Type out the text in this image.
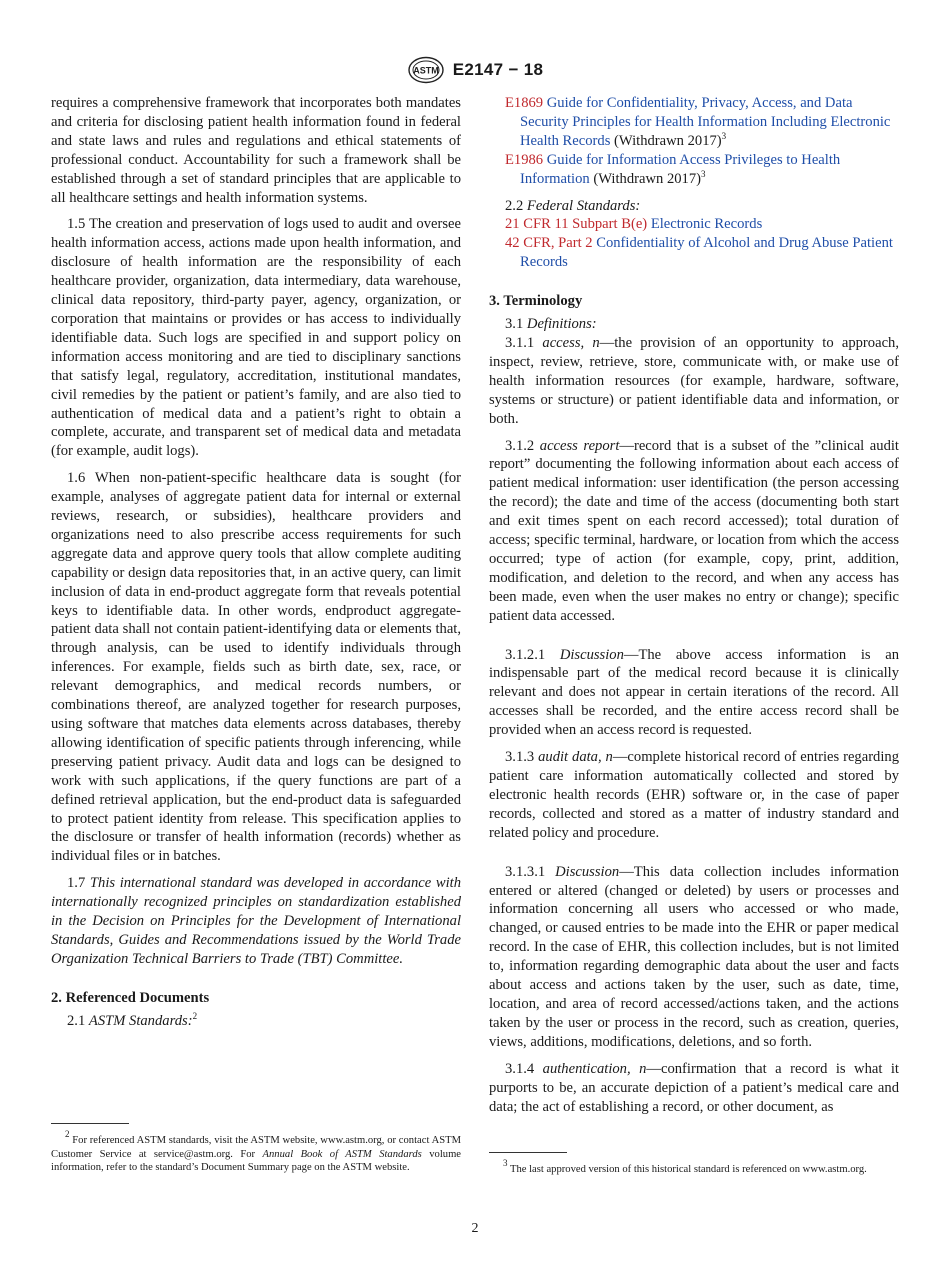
ASTM E2147 − 18

requires a comprehensive framework that incorporates both mandates and criteria for disclosing patient health information found in federal and state laws and rules and regulations and ethical statements of professional conduct. Accountability for such a framework shall be established through a set of standard principles that are applicable to all healthcare settings and health information systems.

1.5 The creation and preservation of logs used to audit and oversee health information access, actions made upon health information, and disclosure of health information are the responsibility of each healthcare provider, organization, data intermediary, data warehouse, clinical data repository, third-party payer, agency, organization, or corporation that maintains or provides or has access to individually identifiable data. Such logs are specified in and support policy on information access monitoring and are tied to disciplinary sanctions that satisfy legal, regulatory, accreditation, institutional mandates, civil remedies by the patient or patient’s family, and are also tied to authentication of medical data and a patient’s right to obtain a complete, accurate, and transparent set of medical data and metadata (for example, audit logs).

1.6 When non-patient-specific healthcare data is sought (for example, analyses of aggregate patient data for internal or external reviews, research, or subsidies), healthcare providers and organizations need to also prescribe access requirements for such aggregate data and approve query tools that allow complete auditing capability or design data repositories that, in an active query, can limit inclusion of data in end-product aggregate form that reveals potential keys to identifiable data. In other words, endproduct aggregate-patient data shall not contain patient-identifying data or elements that, through analysis, can be used to identify individuals through inferences. For example, fields such as birth date, sex, race, or relevant demographics, and medical records numbers, or combinations thereof, are analyzed together for research purposes, using software that matches data elements across databases, thereby allowing identification of specific patients through inferencing, while preserving patient privacy. Audit data and logs can be designed to work with such applications, if the query functions are part of a defined retrieval application, but the end-product data is safeguarded to protect patient identity from release. This specification applies to the disclosure or transfer of health information (records) whether as individual files or in batches.

1.7 This international standard was developed in accordance with internationally recognized principles on standardization established in the Decision on Principles for the Development of International Standards, Guides and Recommendations issued by the World Trade Organization Technical Barriers to Trade (TBT) Committee.

2. Referenced Documents

2.1 ASTM Standards:$^2$

$^2$ For referenced ASTM standards, visit the ASTM website, www.astm.org, or contact ASTM Customer Service at service@astm.org. For Annual Book of ASTM Standards volume information, refer to the standard’s Document Summary page on the ASTM website.

E1869 Guide for Confidentiality, Privacy, Access, and Data Security Principles for Health Information Including Electronic Health Records (Withdrawn 2017)$^3$

E1986 Guide for Information Access Privileges to Health Information (Withdrawn 2017)$^3$

2.2 Federal Standards:

21 CFR 11 Subpart B(e) Electronic Records

42 CFR, Part 2 Confidentiality of Alcohol and Drug Abuse Patient Records

3. Terminology

3.1 Definitions:

3.1.1 access, n—the provision of an opportunity to approach, inspect, review, retrieve, store, communicate with, or make use of health information resources (for example, hardware, software, systems or structure) or patient identifiable data and information, or both.

3.1.2 access report—record that is a subset of the ”clinical audit report” documenting the following information about each access of patient medical information: user identification (the person accessing the record); the date and time of the access (documenting both start and exit times spent on each record accessed); total duration of access; specific terminal, hardware, or location from which the access occurred; type of action (for example, copy, print, addition, modification, and deletion to the record, and when any access has been made, even when the user makes no entry or change); specific patient data accessed.

3.1.2.1 Discussion—The above access information is an indispensable part of the medical record because it is clinically relevant and does not appear in certain iterations of the record. All accesses shall be recorded, and the entire access record shall be provided when an access record is requested.

3.1.3 audit data, n—complete historical record of entries regarding patient care information automatically collected and stored by electronic health records (EHR) software or, in the case of paper records, collected and stored as a matter of industry standard and related policy and procedure.

3.1.3.1 Discussion—This data collection includes information entered or altered (changed or deleted) by users or processes and information concerning all users who accessed or who made, changed, or caused entries to be made into the EHR or paper medical record. In the case of EHR, this collection includes, but is not limited to, information regarding demographic data about the user and facts about access and actions taken by the user, such as date, time, location, and area of record accessed/actions taken, and the actions taken by the user or process in the record, such as creation, queries, views, additions, modifications, deletions, and so forth.

3.1.4 authentication, n—confirmation that a record is what it purports to be, an accurate depiction of a patient’s medical care and data; the act of establishing a record, or other document, as

$^3$ The last approved version of this historical standard is referenced on www.astm.org.

2
